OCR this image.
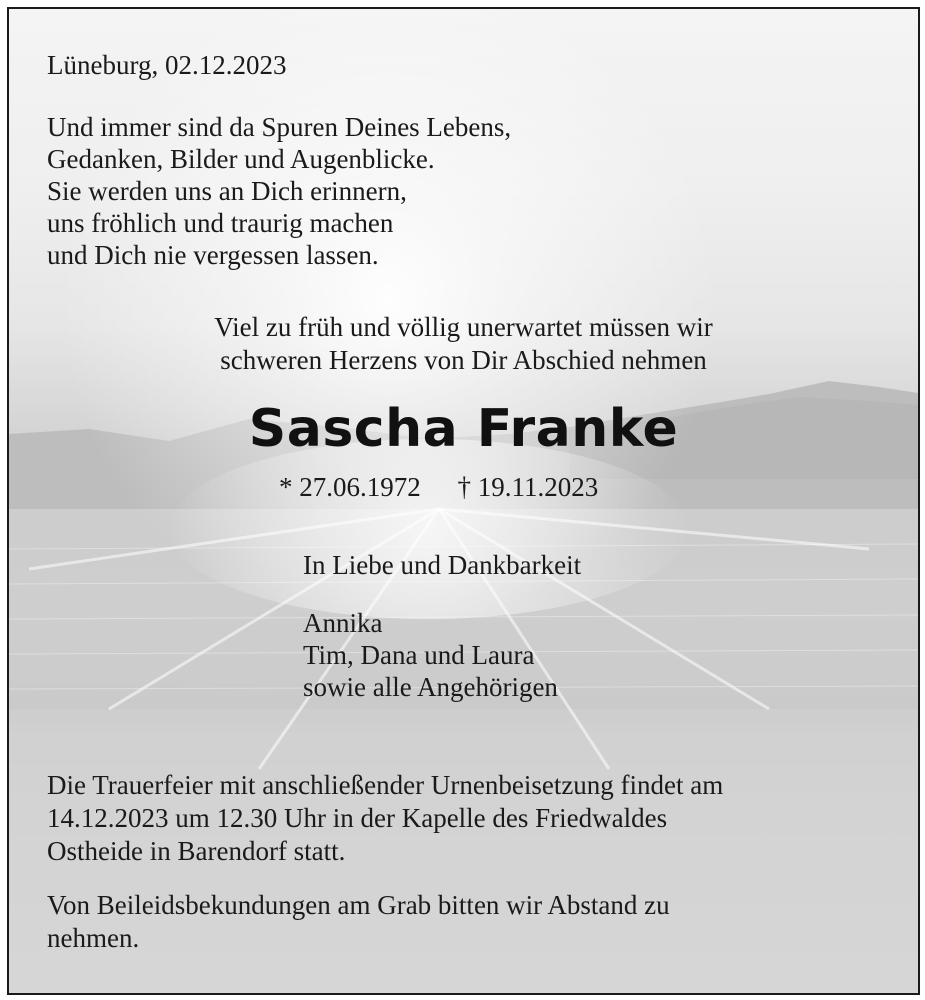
Lüneburg, 02.12.2023

Und immer sind da Spuren Deines Lebens,
Gedanken, Bilder und Augenblicke.
Sie werden uns an Dich erinnern,
uns fröhlich und traurig machen
und Dich nie vergessen lassen.
Viel zu früh und völlig unerwartet müssen wir
schweren Herzens von Dir Abschied nehmen
Sascha Franke
* 27.06.1972 † 19.11.2023

In Liebe und Dankbarkeit

Annika
Tim, Dana und Laura
sowie alle Angehörigen
Die Trauerfeier mit anschließender Urnenbeisetzung findet am
14.12.2023 um 12.30 Uhr in der Kapelle des Friedwaldes
Ostheide in Barendorf statt.
Von Beileidsbekundungen am Grab bitten wir Abstand zu
nehmen.
